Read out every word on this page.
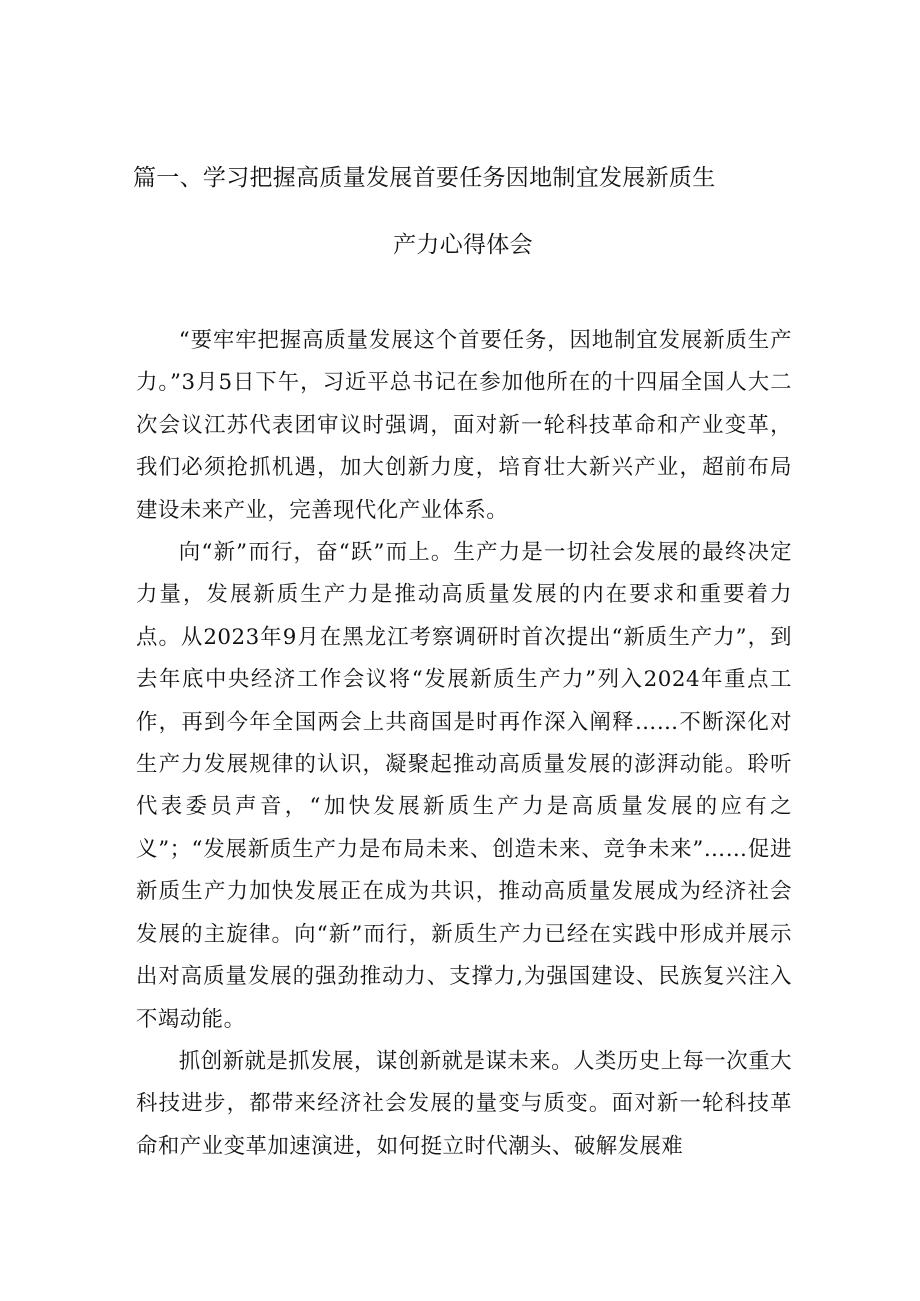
篇一、学习把握高质量发展首要任务因地制宜发展新质生
产力心得体会

“要牢牢把握高质量发展这个首要任务，因地制宜发展新质生产力。”3月5日下午，习近平总书记在参加他所在的十四届全国人大二次会议江苏代表团审议时强调，面对新一轮科技革命和产业变革，我们必须抢抓机遇，加大创新力度，培育壮大新兴产业，超前布局建设未来产业，完善现代化产业体系。

向“新”而行，奋“跃”而上。生产力是一切社会发展的最终决定力量，发展新质生产力是推动高质量发展的内在要求和重要着力点。从2023年9月在黑龙江考察调研时首次提出“新质生产力”，到去年底中央经济工作会议将“发展新质生产力”列入2024年重点工作，再到今年全国两会上共商国是时再作深入阐释……不断深化对生产力发展规律的认识，凝聚起推动高质量发展的澎湃动能。聆听代表委员声音，“加快发展新质生产力是高质量发展的应有之义”；“发展新质生产力是布局未来、创造未来、竞争未来”……促进新质生产力加快发展正在成为共识，推动高质量发展成为经济社会发展的主旋律。向“新”而行，新质生产力已经在实践中形成并展示出对高质量发展的强劲推动力、支撑力,为强国建设、民族复兴注入不竭动能。

抓创新就是抓发展，谋创新就是谋未来。人类历史上每一次重大科技进步，都带来经济社会发展的量变与质变。面对新一轮科技革命和产业变革加速演进，如何挺立时代潮头、破解发展难
